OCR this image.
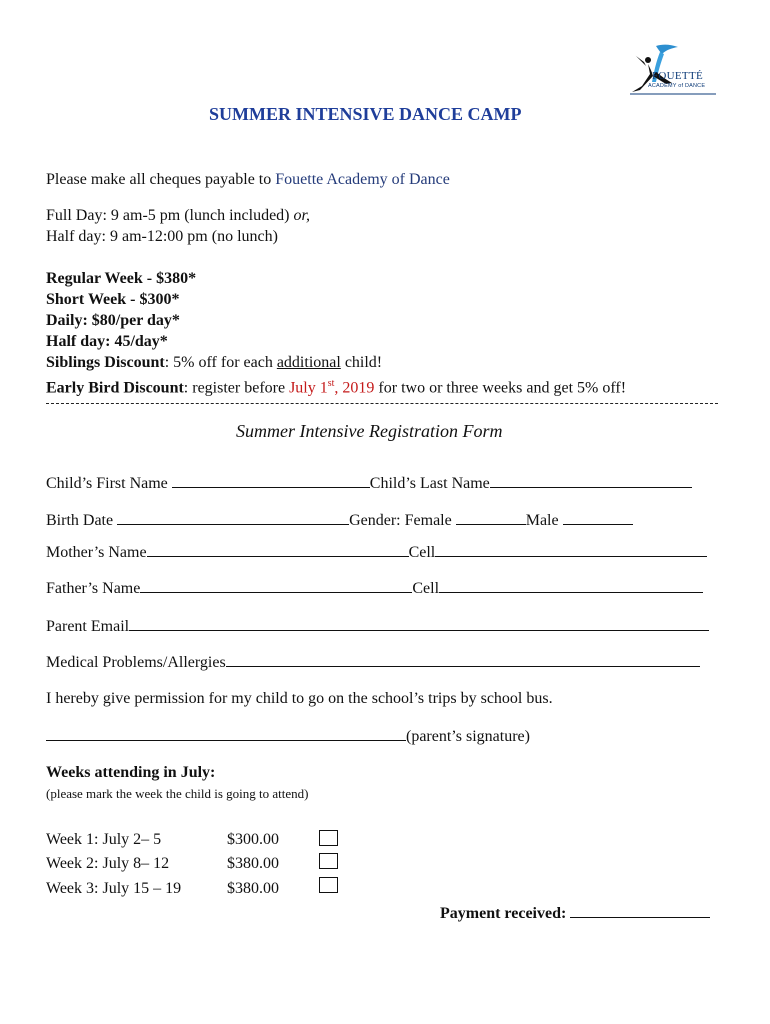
FOUETTÉ
ACADEMY of DANCE
SUMMER INTENSIVE DANCE CAMP
Please make all cheques payable to Fouette Academy of Dance
Full Day: 9 am-5 pm (lunch included) or,
Half day: 9 am-12:00 pm (no lunch)
Regular Week - $380*
Short Week - $300*
Daily: $80/per day*
Half day: 45/day*
Siblings Discount: 5% off for each additional child!
Early Bird Discount: register before July 1st, 2019 for two or three weeks and get 5% off!
Summer Intensive Registration Form
Child’s First Name	Child’s Last Name
Birth Date	Gender: Female	Male
Mother’s Name	Cell
Father’s Name	Cell
Parent Email
Medical Problems/Allergies
I hereby give permission for my child to go on the school’s trips by school bus.
(parent’s signature)
Weeks attending in July:
(please mark the week the child is going to attend)
Week 1: July 2– 5	$300.00
Week 2: July 8– 12	$380.00
Week 3: July 15 – 19	$380.00
Payment received:
